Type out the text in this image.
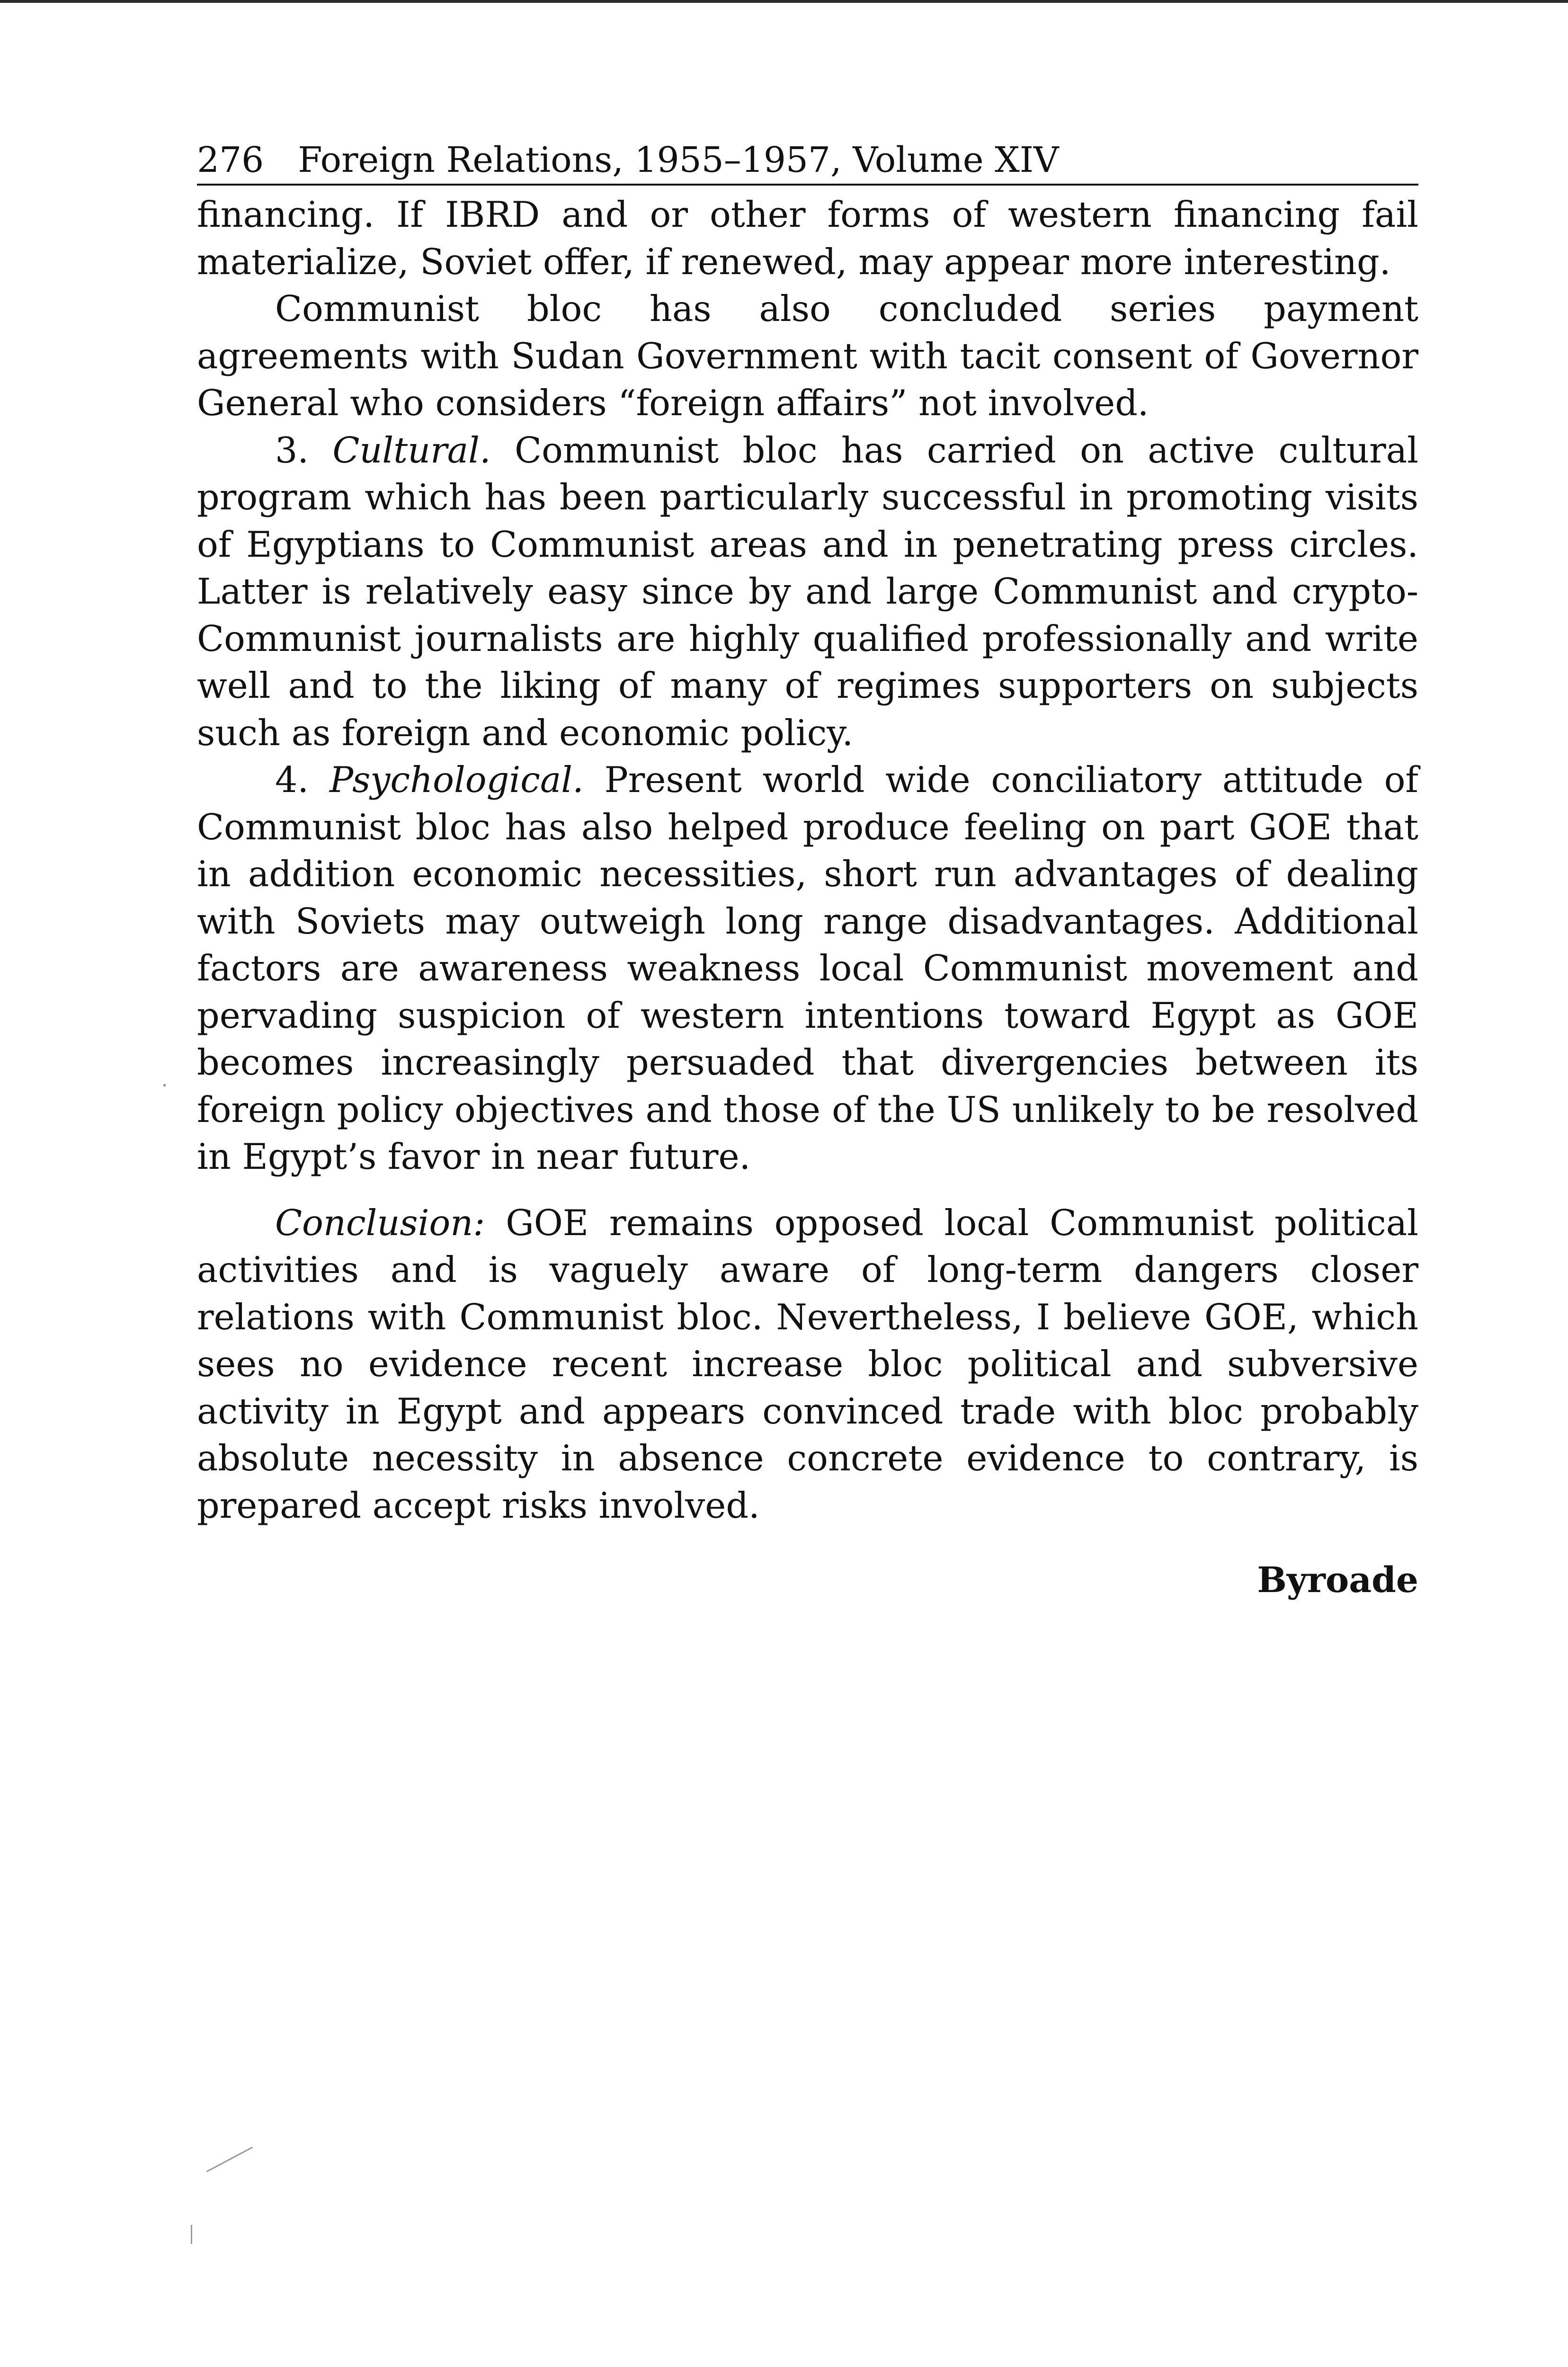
276 Foreign Relations, 1955–1957, Volume XIV

financing. If IBRD and or other forms of western financing fail materialize, Soviet offer, if renewed, may appear more interesting.

Communist bloc has also concluded series payment agreements with Sudan Government with tacit consent of Governor General who considers “foreign affairs” not involved.

3. Cultural. Communist bloc has carried on active cultural program which has been particularly successful in promoting visits of Egyptians to Communist areas and in penetrating press circles. Latter is relatively easy since by and large Communist and crypto-Communist journalists are highly qualified professionally and write well and to the liking of many of regimes supporters on subjects such as foreign and economic policy.

4. Psychological. Present world wide conciliatory attitude of Communist bloc has also helped produce feeling on part GOE that in addition economic necessities, short run advantages of dealing with Soviets may outweigh long range disadvantages. Additional factors are awareness weakness local Communist movement and pervading suspicion of western intentions toward Egypt as GOE becomes increasingly persuaded that divergencies between its foreign policy objectives and those of the US unlikely to be resolved in Egypt’s favor in near future.

Conclusion: GOE remains opposed local Communist political activities and is vaguely aware of long-term dangers closer relations with Communist bloc. Nevertheless, I believe GOE, which sees no evidence recent increase bloc political and subversive activity in Egypt and appears convinced trade with bloc probably absolute necessity in absence concrete evidence to contrary, is prepared accept risks involved.

Byroade
